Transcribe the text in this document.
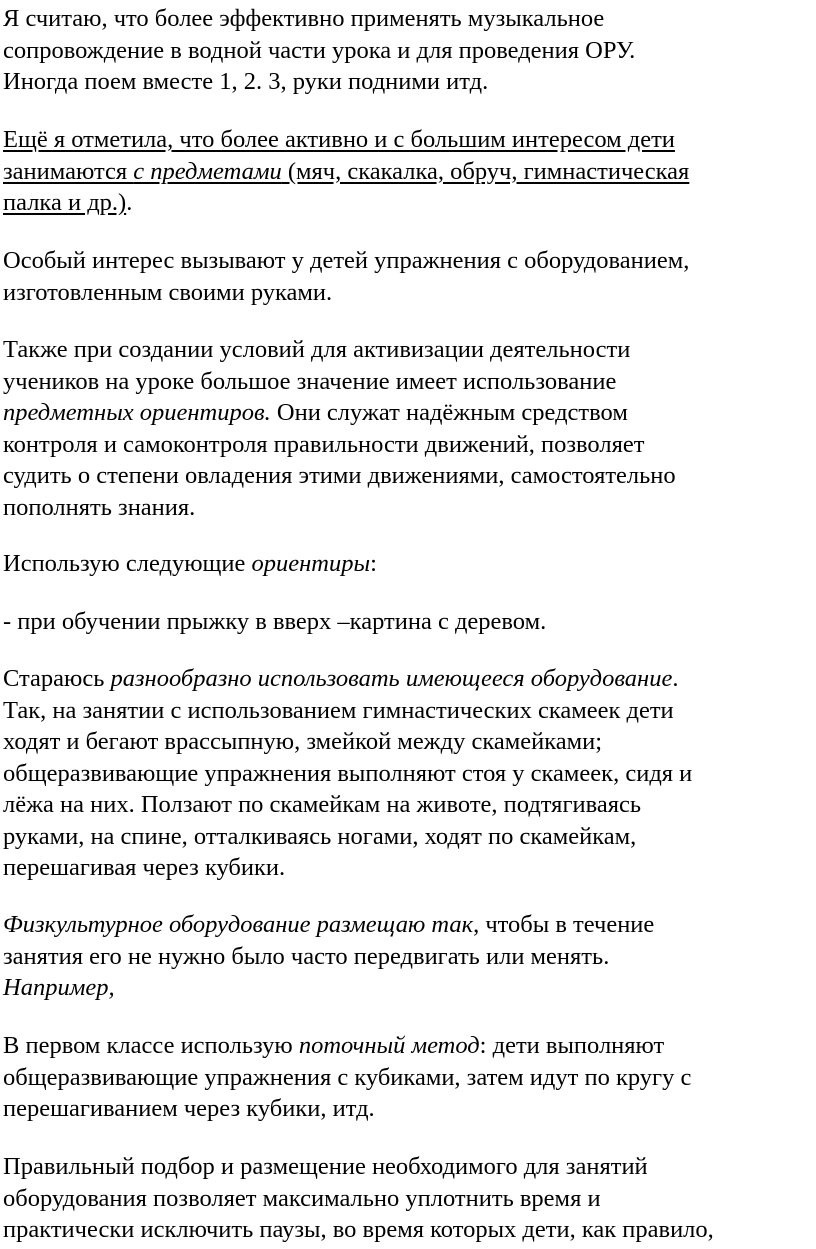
Я считаю, что более эффективно применять музыкальное
сопровождение в водной части урока и для проведения ОРУ.
Иногда поем вместе 1, 2. 3, руки подними итд.
Ещё я отметила, что более активно и с большим интересом дети
занимаются с предметами (мяч, скакалка, обруч, гимнастическая
палка и др.).
Особый интерес вызывают у детей упражнения с оборудованием,
изготовленным своими руками.
Также при создании условий для активизации деятельности
учеников на уроке большое значение имеет использование
предметных ориентиров. Они служат надёжным средством
контроля и самоконтроля правильности движений, позволяет
судить о степени овладения этими движениями, самостоятельно
пополнять знания.
Использую следующие ориентиры:
- при обучении прыжку в вверх –картина с деревом.
Стараюсь разнообразно использовать имеющееся оборудование.
Так, на занятии с использованием гимнастических скамеек дети
ходят и бегают врассыпную, змейкой между скамейками;
общеразвивающие упражнения выполняют стоя у скамеек, сидя и
лёжа на них. Ползают по скамейкам на животе, подтягиваясь
руками, на спине, отталкиваясь ногами, ходят по скамейкам,
перешагивая через кубики.
Физкультурное оборудование размещаю так, чтобы в течение
занятия его не нужно было часто передвигать или менять.
Например,
В первом классе использую поточный метод: дети выполняют
общеразвивающие упражнения с кубиками, затем идут по кругу с
перешагиванием через кубики, итд.
Правильный подбор и размещение необходимого для занятий
оборудования позволяет максимально уплотнить время и
практически исключить паузы, во время которых дети, как правило,
